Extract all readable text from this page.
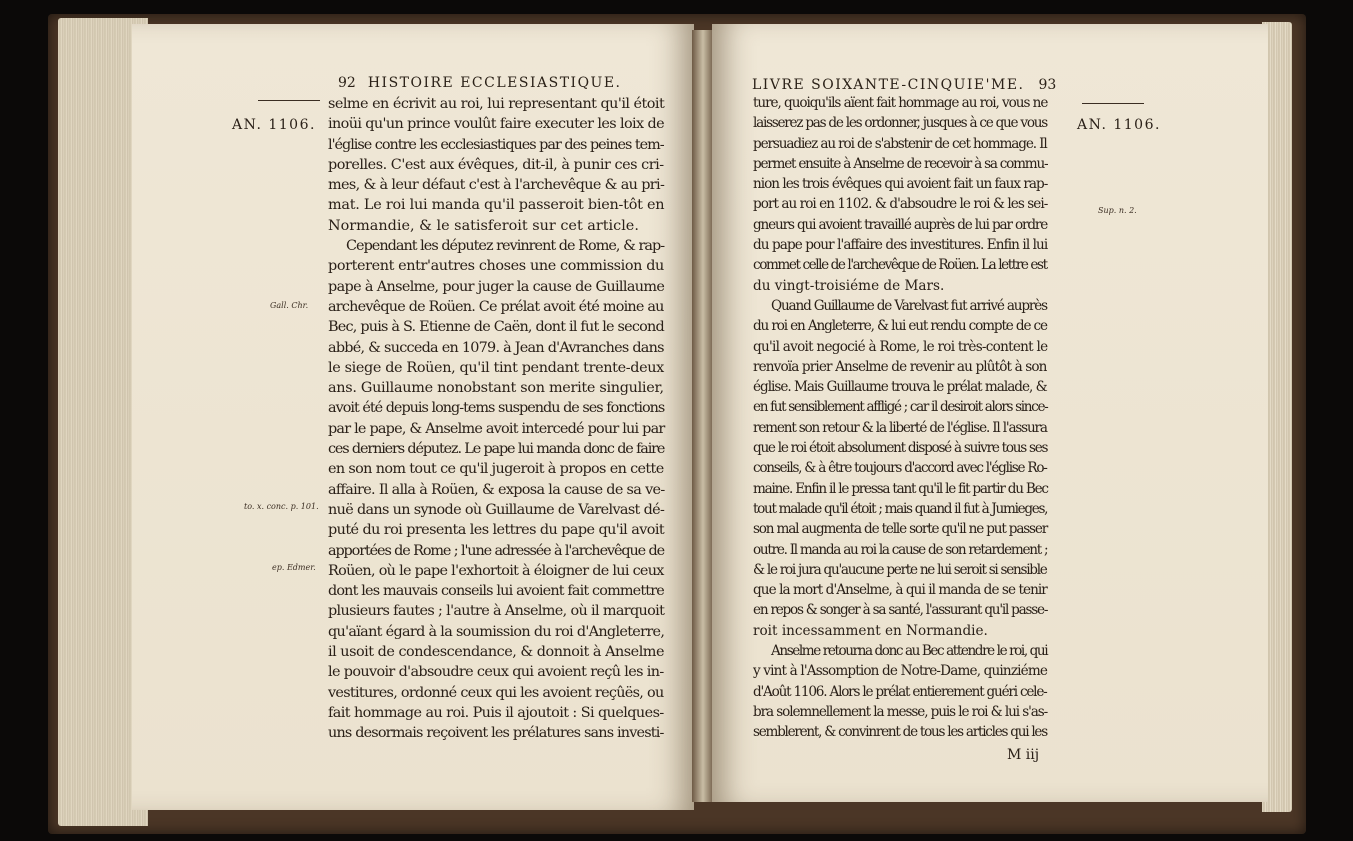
92 HISTOIRE ECCLESIASTIQUE.
AN. 1106.
Gall. Chr.
to. x. conc. p. 101.
ep. Edmer.
selme en écrivit au roi, lui representant qu'il étoit
inoüi qu'un prince voulût faire executer les loix de
l'église contre les ecclesiastiques par des peines tem-
porelles. C'est aux évêques, dit-il, à punir ces cri-
mes, & à leur défaut c'est à l'archevêque & au pri-
mat. Le roi lui manda qu'il passeroit bien-tôt en
Normandie, & le satisferoit sur cet article.
Cependant les députez revinrent de Rome, & rap-
porterent entr'autres choses une commission du
pape à Anselme, pour juger la cause de Guillaume
archevêque de Roüen. Ce prélat avoit été moine au
Bec, puis à S. Etienne de Caën, dont il fut le second
abbé, & succeda en 1079. à Jean d'Avranches dans
le siege de Roüen, qu'il tint pendant trente-deux
ans. Guillaume nonobstant son merite singulier,
avoit été depuis long-tems suspendu de ses fonctions
par le pape, & Anselme avoit intercedé pour lui par
ces derniers députez. Le pape lui manda donc de faire
en son nom tout ce qu'il jugeroit à propos en cette
affaire. Il alla à Roüen, & exposa la cause de sa ve-
nuë dans un synode où Guillaume de Varelvast dé-
puté du roi presenta les lettres du pape qu'il avoit
apportées de Rome ; l'une adressée à l'archevêque de
Roüen, où le pape l'exhortoit à éloigner de lui ceux
dont les mauvais conseils lui avoient fait commettre
plusieurs fautes ; l'autre à Anselme, où il marquoit
qu'aïant égard à la soumission du roi d'Angleterre,
il usoit de condescendance, & donnoit à Anselme
le pouvoir d'absoudre ceux qui avoient reçû les in-
vestitures, ordonné ceux qui les avoient reçûës, ou
fait hommage au roi. Puis il ajoutoit : Si quelques-
uns desormais reçoivent les prélatures sans investi-
LIVRE SOIXANTE-CINQUIE'ME. 93
AN. 1106.
Sup. n. 2.
ture, quoiqu'ils aïent fait hommage au roi, vous ne
laisserez pas de les ordonner, jusques à ce que vous
persuadiez au roi de s'abstenir de cet hommage. Il
permet ensuite à Anselme de recevoir à sa commu-
nion les trois évêques qui avoient fait un faux rap-
port au roi en 1102. & d'absoudre le roi & les sei-
gneurs qui avoient travaillé auprès de lui par ordre
du pape pour l'affaire des investitures. Enfin il lui
commet celle de l'archevêque de Roüen. La lettre est
du vingt-troisiéme de Mars.
Quand Guillaume de Varelvast fut arrivé auprès
du roi en Angleterre, & lui eut rendu compte de ce
qu'il avoit negocié à Rome, le roi très-content le
renvoïa prier Anselme de revenir au plûtôt à son
église. Mais Guillaume trouva le prélat malade, &
en fut sensiblement affligé ; car il desiroit alors since-
rement son retour & la liberté de l'église. Il l'assura
que le roi étoit absolument disposé à suivre tous ses
conseils, & à être toujours d'accord avec l'église Ro-
maine. Enfin il le pressa tant qu'il le fit partir du Bec
tout malade qu'il étoit ; mais quand il fut à Jumieges,
son mal augmenta de telle sorte qu'il ne put passer
outre. Il manda au roi la cause de son retardement ;
& le roi jura qu'aucune perte ne lui seroit si sensible
que la mort d'Anselme, à qui il manda de se tenir
en repos & songer à sa santé, l'assurant qu'il passe-
roit incessamment en Normandie.
Anselme retourna donc au Bec attendre le roi, qui
y vint à l'Assomption de Notre-Dame, quinziéme
d'Août 1106. Alors le prélat entierement guéri cele-
bra solemnellement la messe, puis le roi & lui s'as-
semblerent, & convinrent de tous les articles qui les
M iij
